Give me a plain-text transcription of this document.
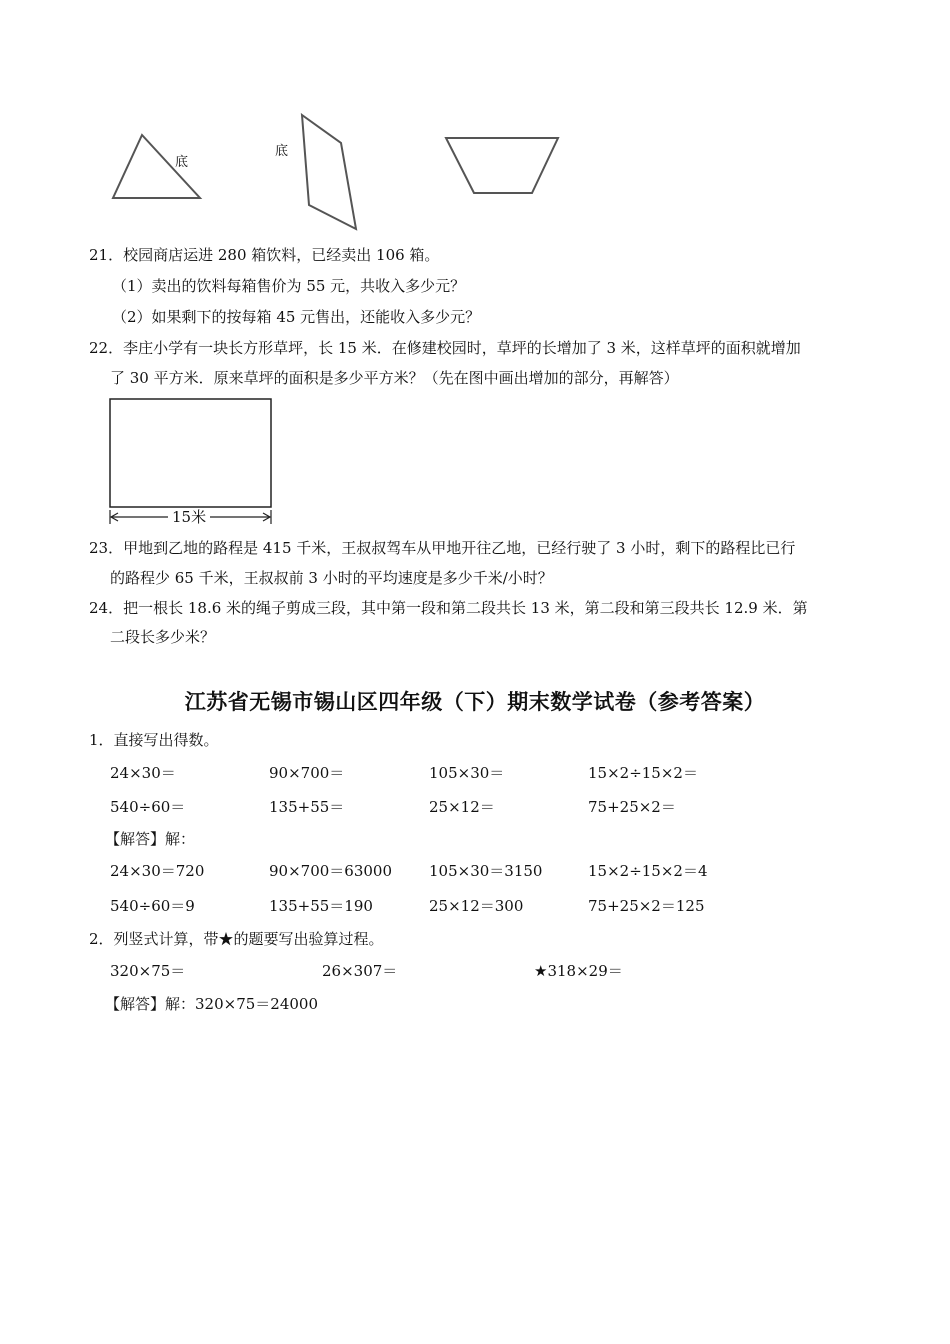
底
底
21．校园商店运进 280 箱饮料，已经卖出 106 箱。
（1）卖出的饮料每箱售价为 55 元，共收入多少元？
（2）如果剩下的按每箱 45 元售出，还能收入多少元？
22．李庄小学有一块长方形草坪，长 15 米．在修建校园时，草坪的长增加了 3 米，这样草坪的面积就增加
了 30 平方米．原来草坪的面积是多少平方米？（先在图中画出增加的部分，再解答）
15米
23．甲地到乙地的路程是 415 千米，王叔叔驾车从甲地开往乙地，已经行驶了 3 小时，剩下的路程比已行
的路程少 65 千米，王叔叔前 3 小时的平均速度是多少千米/小时？
24．把一根长 18.6 米的绳子剪成三段，其中第一段和第二段共长 13 米，第二段和第三段共长 12.9 米．第
二段长多少米？
江苏省无锡市锡山区四年级（下）期末数学试卷（参考答案）
1．直接写出得数。
24×30＝	90×700＝	105×30＝	15×2÷15×2＝
540÷60＝	135+55＝	25×12＝	75+25×2＝
【解答】解：
24×30＝720	90×700＝63000 105×30＝3150	15×2÷15×2＝4
540÷60＝9	135+55＝190	25×12＝300	75+25×2＝125
2．列竖式计算，带★的题要写出验算过程。
320×75＝	26×307＝	★318×29＝
【解答】解：320×75＝24000
